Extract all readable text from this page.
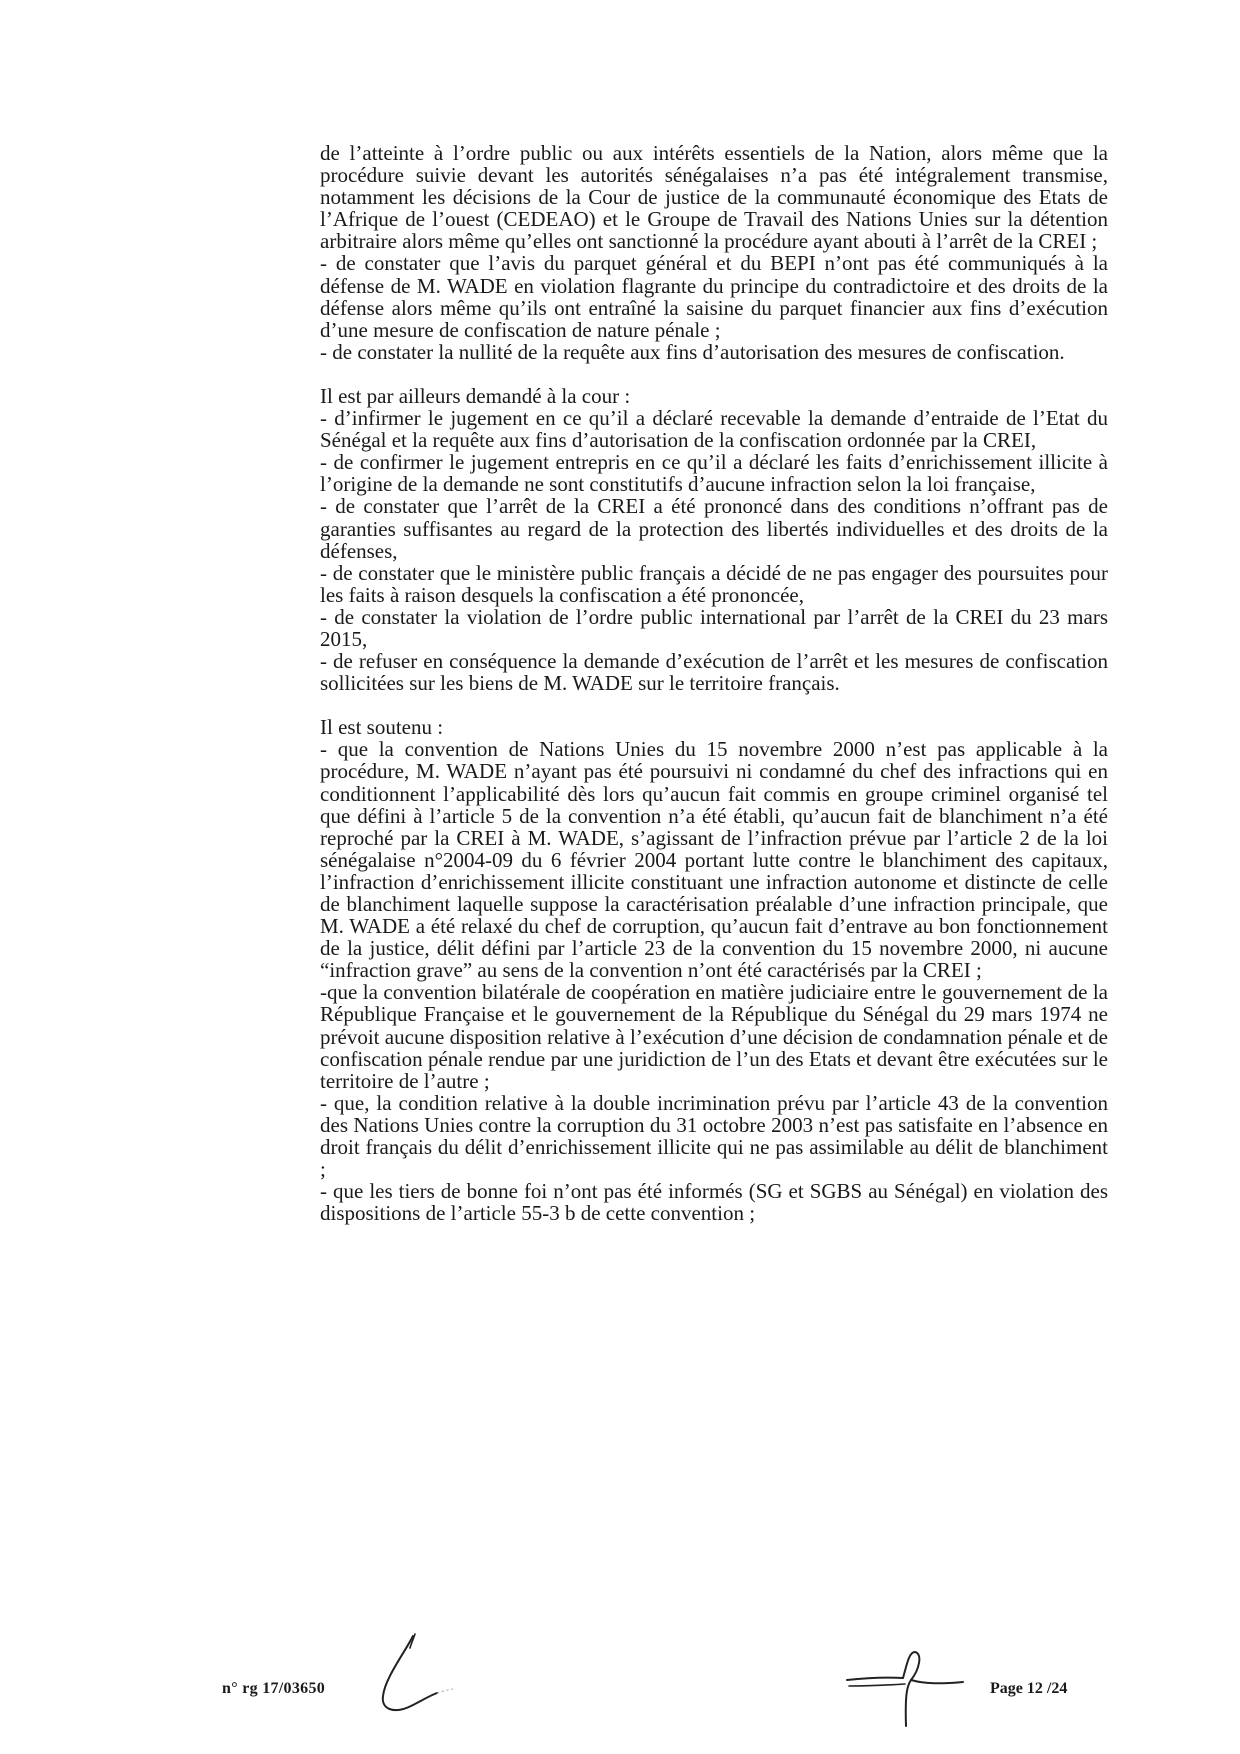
de l’atteinte à l’ordre public ou aux intérêts essentiels de la Nation, alors même que la procédure suivie devant les autorités sénégalaises n’a pas été intégralement transmise, notamment les décisions de la Cour de justice de la communauté économique des Etats de l’Afrique de l’ouest (CEDEAO) et le Groupe de Travail des Nations Unies sur la détention arbitraire alors même qu’elles ont sanctionné la procédure ayant abouti à l’arrêt de la CREI ;

- de constater que l’avis du parquet général et du BEPI n’ont pas été communiqués à la défense de M. WADE en violation flagrante du principe du contradictoire et des droits de la défense alors même qu’ils ont entraîné la saisine du parquet financier aux fins d’exécution d’une mesure de confiscation de nature pénale ;

- de constater la nullité de la requête aux fins d’autorisation des mesures de confiscation.

Il est par ailleurs demandé à la cour :

- d’infirmer le jugement en ce qu’il a déclaré recevable la demande d’entraide de l’Etat du Sénégal et la requête aux fins d’autorisation de la confiscation ordonnée par la CREI,

- de confirmer le jugement entrepris en ce qu’il a déclaré les faits d’enrichissement illicite à l’origine de la demande ne sont constitutifs d’aucune infraction selon la loi française,

- de constater que l’arrêt de la CREI a été prononcé dans des conditions n’offrant pas de garanties suffisantes au regard de la protection des libertés individuelles et des droits de la défenses,

- de constater que le ministère public français a décidé de ne pas engager des poursuites pour les faits à raison desquels la confiscation a été prononcée,

- de constater la violation de l’ordre public international par l’arrêt de la CREI du 23 mars 2015,

- de refuser en conséquence la demande d’exécution de l’arrêt et les mesures de confiscation sollicitées sur les biens de M. WADE sur le territoire français.

Il est soutenu :

- que la convention de Nations Unies du 15 novembre 2000 n’est pas applicable à la procédure, M. WADE n’ayant pas été poursuivi ni condamné du chef des infractions qui en conditionnent l’applicabilité dès lors qu’aucun fait commis en groupe criminel organisé tel que défini à l’article 5 de la convention n’a été établi, qu’aucun fait de blanchiment n’a été reproché par la CREI à M. WADE, s’agissant de l’infraction prévue par l’article 2 de la loi sénégalaise n°2004-09 du 6 février 2004 portant lutte contre le blanchiment des capitaux, l’infraction d’enrichissement illicite constituant une infraction autonome et distincte de celle de blanchiment laquelle suppose la caractérisation préalable d’une infraction principale, que M. WADE a été relaxé du chef de corruption, qu’aucun fait d’entrave au bon fonctionnement de la justice, délit défini par l’article 23 de la convention du 15 novembre 2000, ni aucune “infraction grave” au sens de la convention n’ont été caractérisés par la CREI ;

-que la convention bilatérale de coopération en matière judiciaire entre le gouvernement de la République Française et le gouvernement de la République du Sénégal du 29 mars 1974 ne prévoit aucune disposition relative à l’exécution d’une décision de condamnation pénale et de confiscation pénale rendue par une juridiction de l’un des Etats et devant être exécutées sur le territoire de l’autre ;

- que, la condition relative à la double incrimination prévu par l’article 43 de la convention des Nations Unies contre la corruption du 31 octobre 2003 n’est pas satisfaite en l’absence en droit français du délit d’enrichissement illicite qui ne pas assimilable au délit de blanchiment ;

- que les tiers de bonne foi n’ont pas été informés (SG et SGBS au Sénégal) en violation des dispositions de l’article 55-3 b de cette convention ;

n° rg 17/03650	Page 12 /24
